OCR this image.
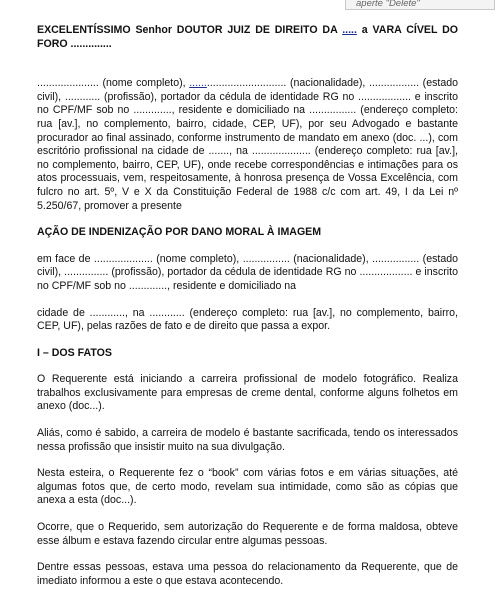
aperte "Delete"

EXCELENTÍSSIMO Senhor DOUTOR JUIZ DE DIREITO DA ..... a VARA CÍVEL DO FORO ..............

..................... (nome completo), ................................. (nacionalidade), ................. (estado civil), ............ (profissão), portador da cédula de identidade RG no .................. e inscrito no CPF/MF sob no ............., residente e domiciliado na ................ (endereço completo: rua [av.], no complemento, bairro, cidade, CEP, UF), por seu Advogado e bastante procurador ao final assinado, conforme instrumento de mandato em anexo (doc. ...), com escritório profissional na cidade de ......., na .................... (endereço completo: rua [av.], no complemento, bairro, CEP, UF), onde recebe correspondências e intimações para os atos processuais, vem, respeitosamente, à honrosa presença de Vossa Excelência, com fulcro no art. 5º, V e X da Constituição Federal de 1988 c/c com art. 49, I da Lei nº 5.250/67, promover a presente

AÇÃO DE INDENIZAÇÃO POR DANO MORAL À IMAGEM

em face de .................... (nome completo), ................ (nacionalidade), ................ (estado civil), ............... (profissão), portador da cédula de identidade RG no .................. e inscrito no CPF/MF sob no ............., residente e domiciliado na

cidade de ............, na ............ (endereço completo: rua [av.], no complemento, bairro, CEP, UF), pelas razões de fato e de direito que passa a expor.

I – DOS FATOS

O Requerente está iniciando a carreira profissional de modelo fotográfico. Realiza trabalhos exclusivamente para empresas de creme dental, conforme alguns folhetos em anexo (doc...).

Aliás, como é sabido, a carreira de modelo é bastante sacrificada, tendo os interessados nessa profissão que insistir muito na sua divulgação.

Nesta esteira, o Requerente fez o “book” com várias fotos e em várias situações, até algumas fotos que, de certo modo, revelam sua intimidade, como são as cópias que anexa a esta (doc...).

Ocorre, que o Requerido, sem autorização do Requerente e de forma maldosa, obteve esse álbum e estava fazendo circular entre algumas pessoas.

Dentre essas pessoas, estava uma pessoa do relacionamento da Requerente, que de imediato informou a este o que estava acontecendo.
